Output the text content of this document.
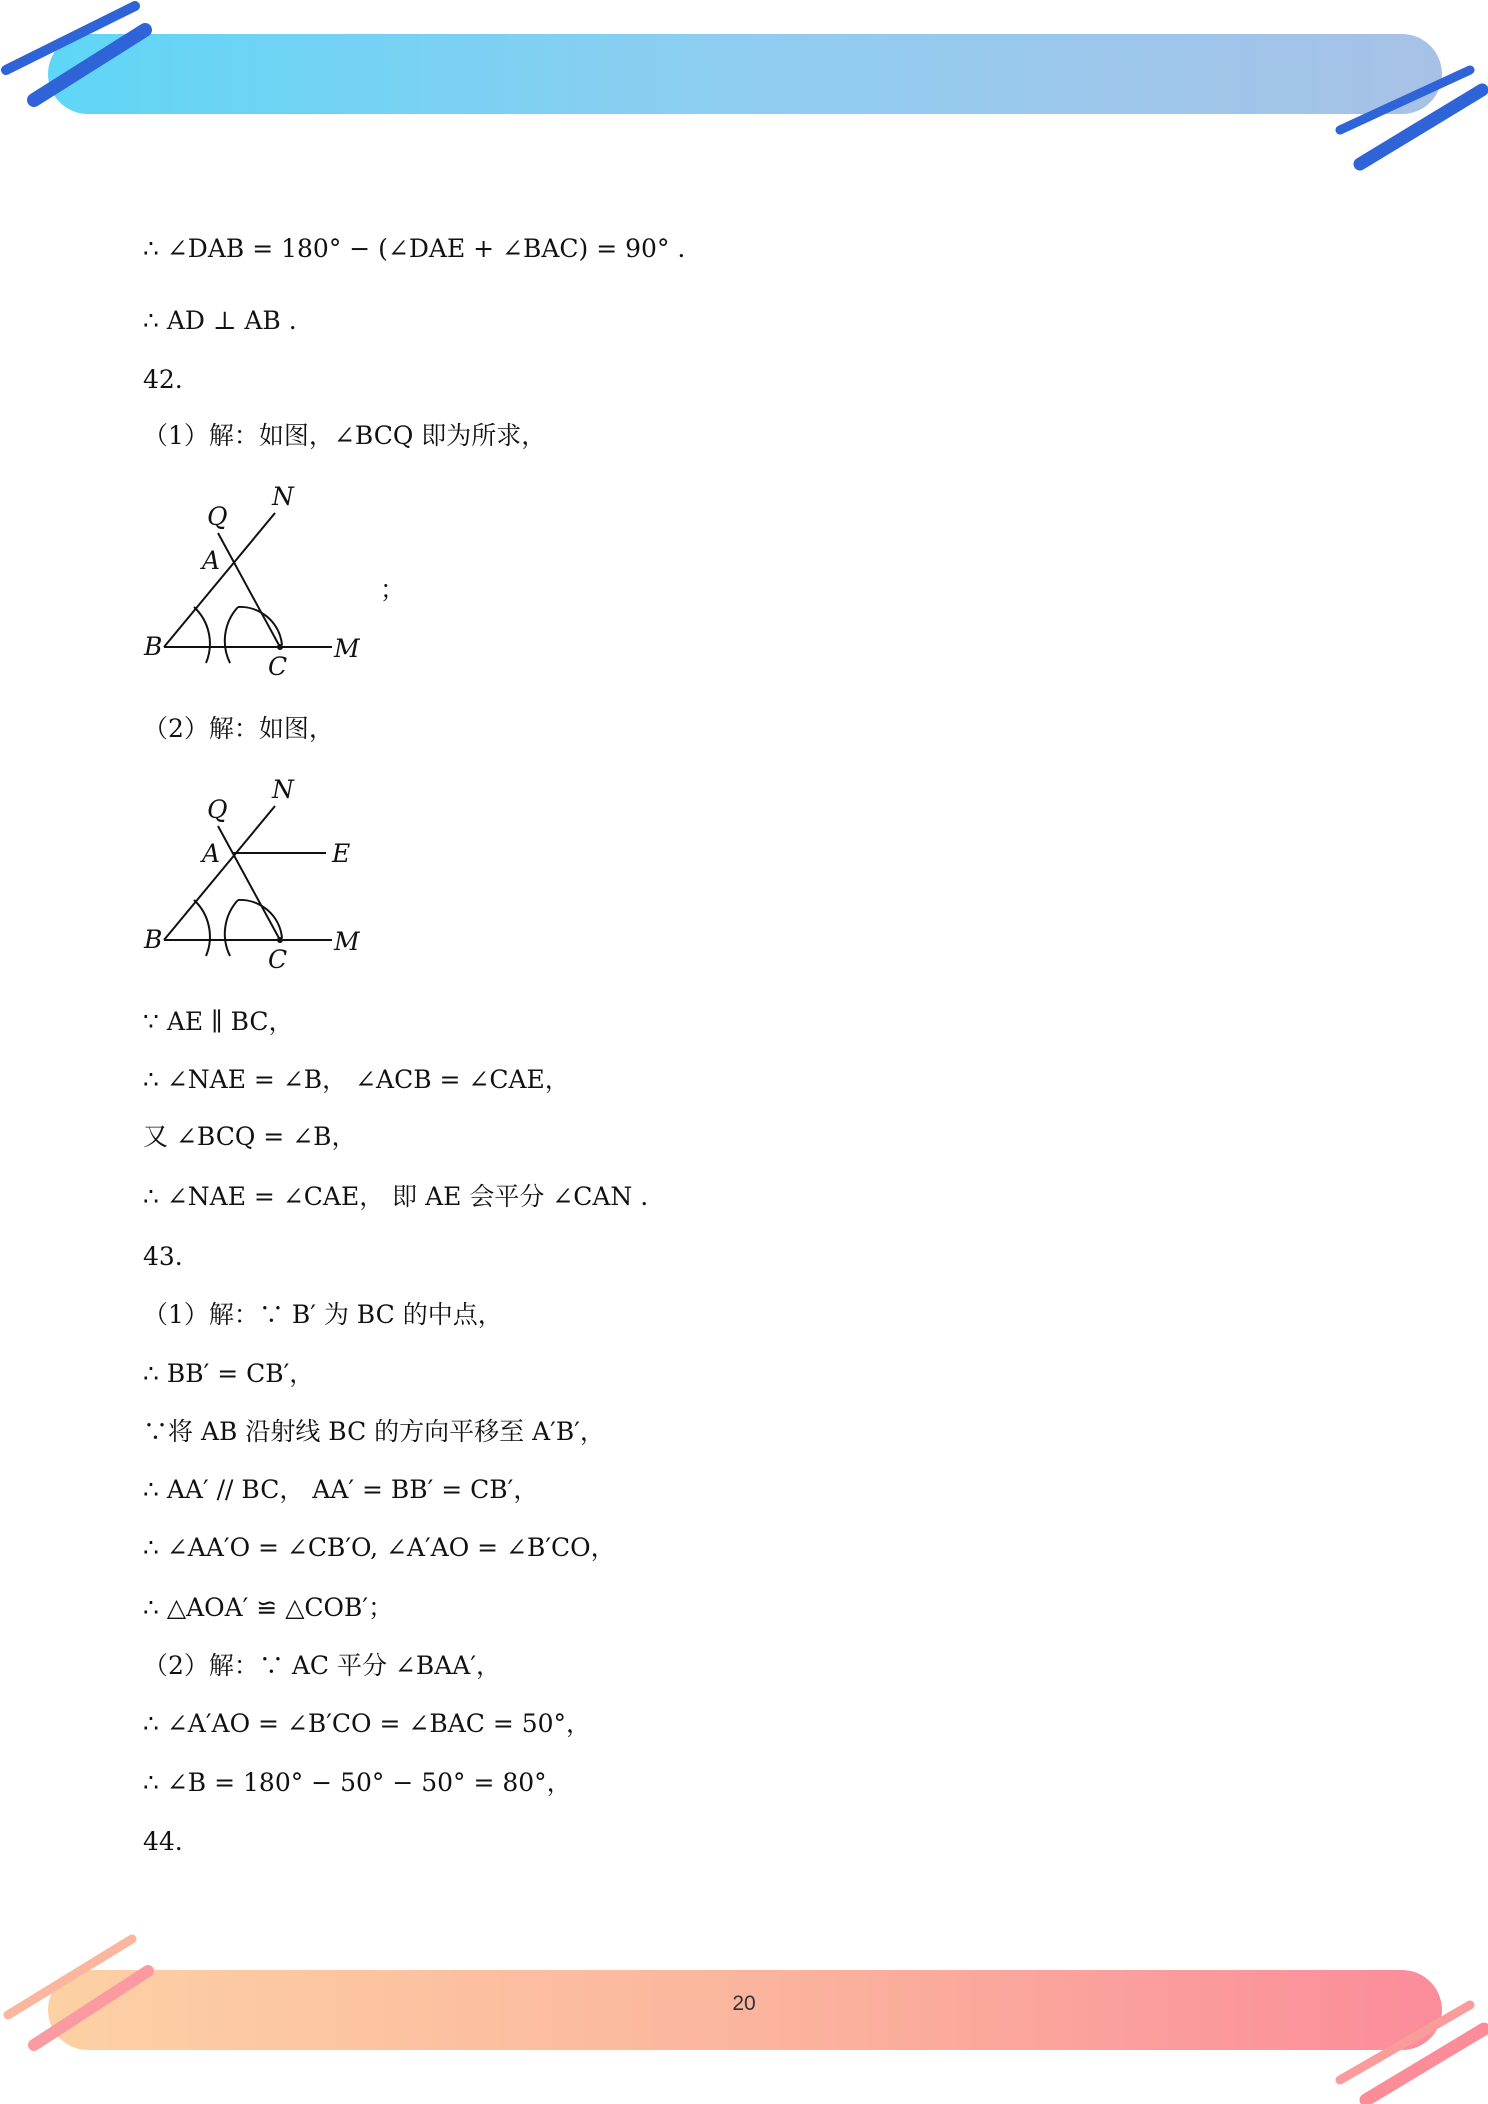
20
∴ ∠DAB = 180° − (∠DAE + ∠BAC) = 90° .
∴ AD ⊥ AB .
42.
（1）解：如图，∠BCQ 即为所求，
（2）解：如图，
∵ AE ∥ BC，
∴ ∠NAE = ∠B， ∠ACB = ∠CAE，
又 ∠BCQ = ∠B，
∴ ∠NAE = ∠CAE， 即 AE 会平分 ∠CAN .
43.
（1）解：∵ B′ 为 BC 的中点，
∴ BB′ = CB′，
∵将 AB 沿射线 BC 的方向平移至 A′B′，
∴ AA′ // BC， AA′ = BB′ = CB′，
∴ ∠AA′O = ∠CB′O, ∠A′AO = ∠B′CO，
∴ △AOA′ ≌ △COB′；
（2）解：∵ AC 平分 ∠BAA′，
∴ ∠A′AO = ∠B′CO = ∠BAC = 50°，
∴ ∠B = 180° − 50° − 50° = 80°，
44.
Q
N
A
B
C
M
；
Q
N
A	E
B
C
M
